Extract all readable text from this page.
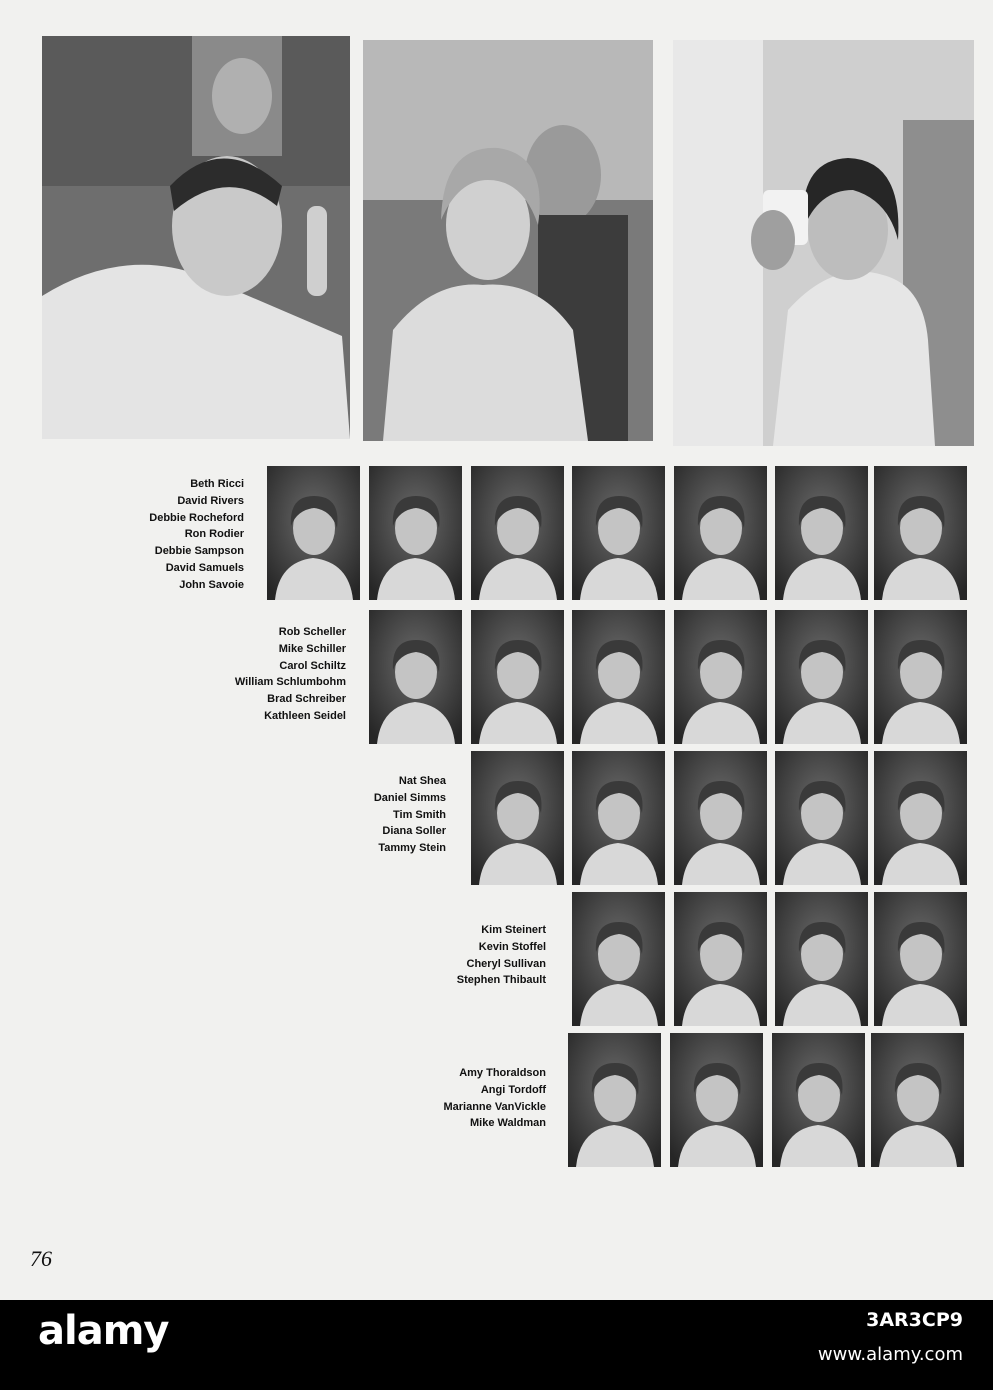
Beth Ricci
David Rivers
Debbie Rocheford
Ron Rodier
Debbie Sampson
David Samuels
John Savoie
Rob Scheller
Mike Schiller
Carol Schiltz
William Schlumbohm
Brad Schreiber
Kathleen Seidel
Nat Shea
Daniel Simms
Tim Smith
Diana Soller
Tammy Stein
Kim Steinert
Kevin Stoffel
Cheryl Sullivan
Stephen Thibault
Amy Thoraldson
Angi Tordoff
Marianne VanVickle
Mike Waldman
76
alamy	3AR3CP9
www.alamy.com
